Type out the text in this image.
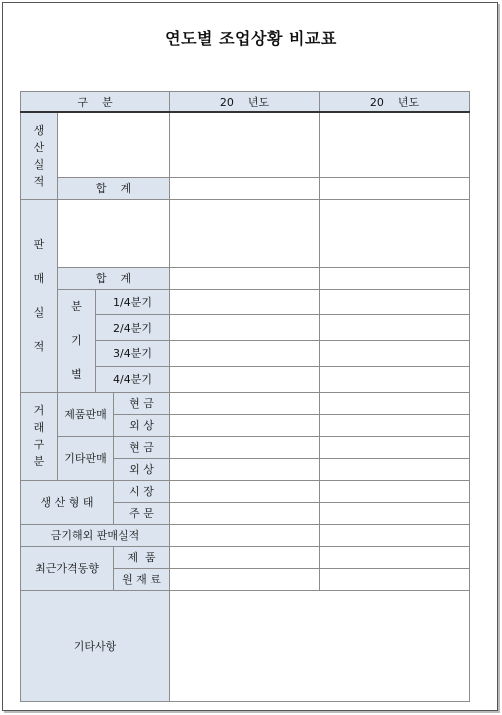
연도별 조업상황 비교표
구    분				20    년도	20    년도
생산실적					
	합    계				
판매실적					
	합    계				
	분기별	1/4분기			
		2/4분기			
		3/4분기			
		4/4분기			
거래구분	제품판매		현 금		
			외 상		
	기타판매		현 금		
			외 상		
생 산 형 태			시 장		
			주 문		
금기해외 판매실적					
최근가격동향			제  품		
			원 재 료		
기타사항					
